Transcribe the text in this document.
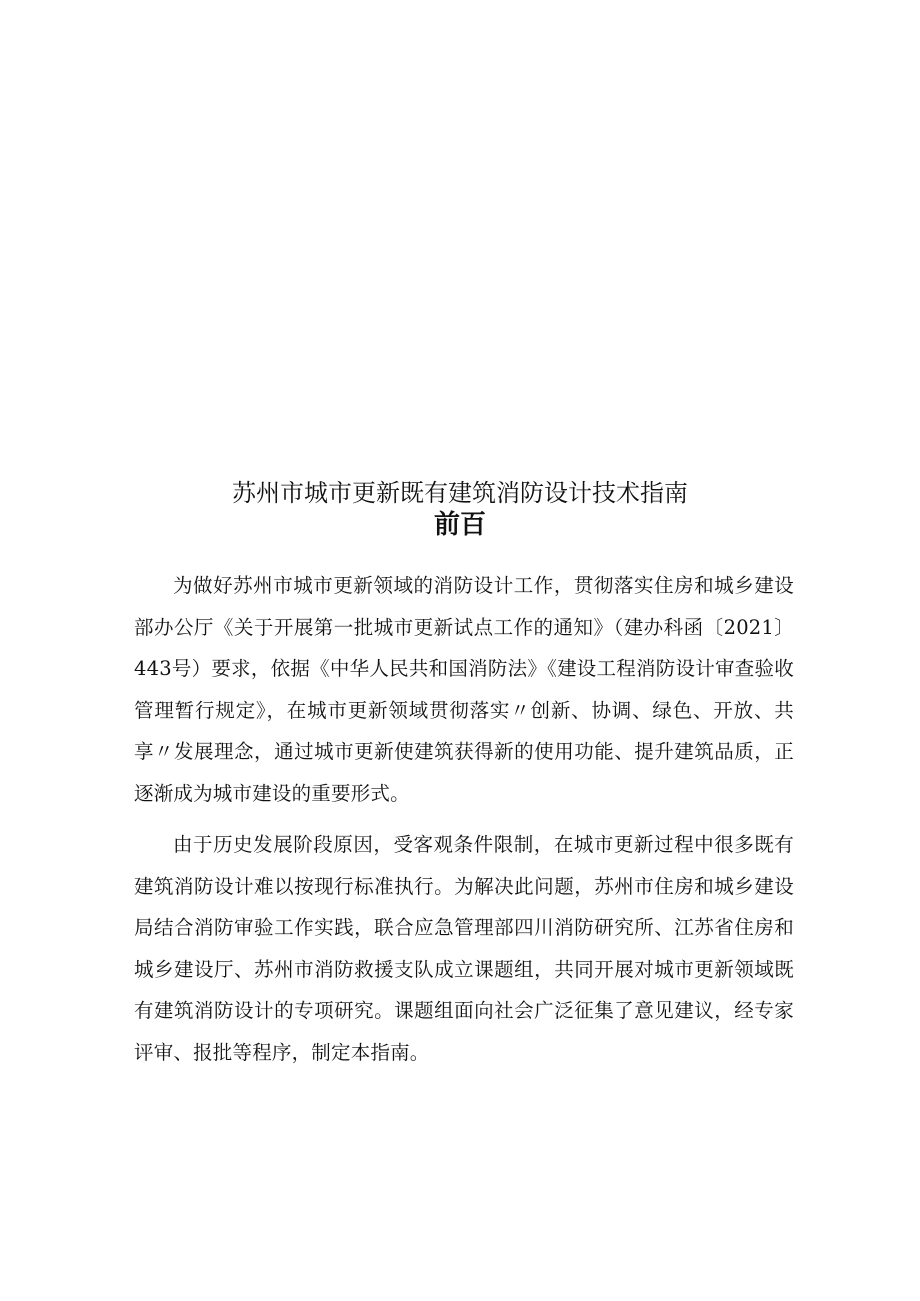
苏州市城市更新既有建筑消防设计技术指南
前百

为做好苏州市城市更新领域的消防设计工作，贯彻落实住房和城乡建设部办公厅《关于开展第一批城市更新试点工作的通知》（建办科函〔2021〕443号）要求，依据《中华人民共和国消防法》《建设工程消防设计审查验收管理暂行规定》，在城市更新领域贯彻落实〃创新、协调、绿色、开放、共享〃发展理念，通过城市更新使建筑获得新的使用功能、提升建筑品质，正逐渐成为城市建设的重要形式。

由于历史发展阶段原因，受客观条件限制，在城市更新过程中很多既有建筑消防设计难以按现行标准执行。为解决此问题，苏州市住房和城乡建设局结合消防审验工作实践，联合应急管理部四川消防研究所、江苏省住房和城乡建设厅、苏州市消防救援支队成立课题组，共同开展对城市更新领域既有建筑消防设计的专项研究。课题组面向社会广泛征集了意见建议，经专家评审、报批等程序，制定本指南。
